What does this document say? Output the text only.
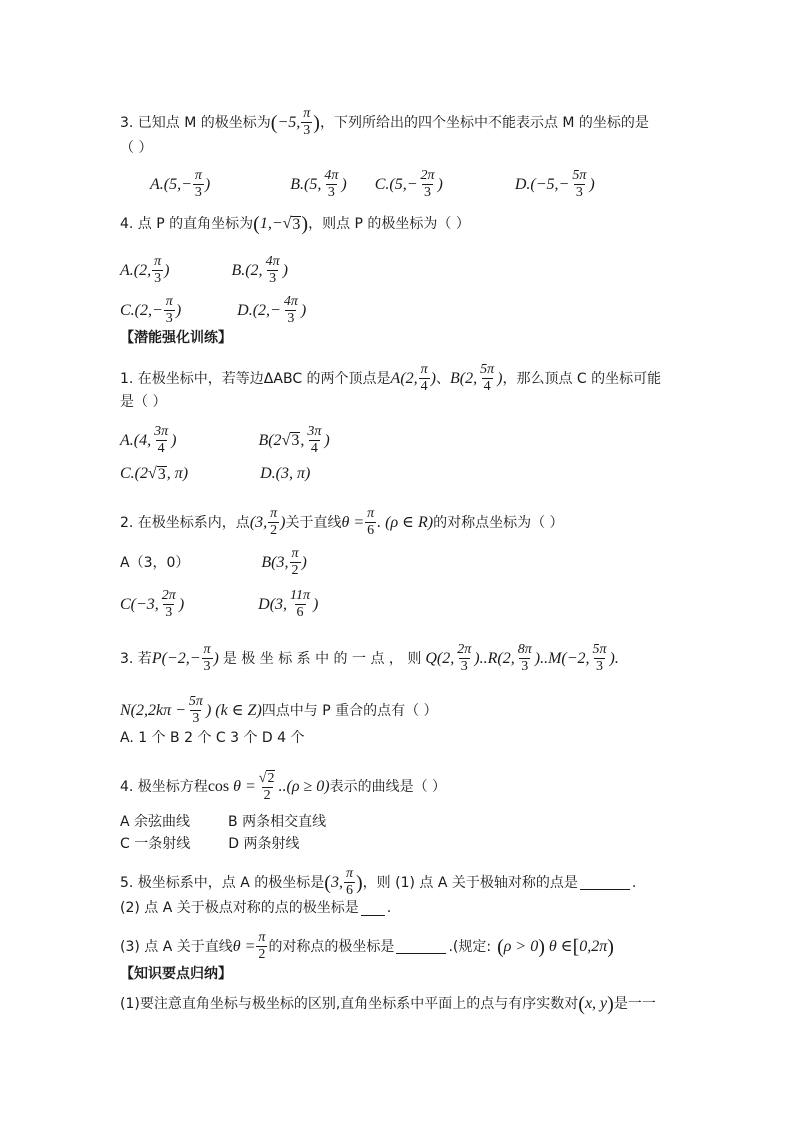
3. 已知点 M 的极坐标为 ( −5, $\frac{\pi}{3}$ ) ，下列所给出的四个坐标中不能表示点 M 的坐标的是
（ ）
$A.(5,- \frac{\pi}{3}$ )	B.(5, $\frac{4\pi}{3}$ ) $C.(5,- \frac{2\pi}{3}$ )	$D.(-5,- \frac{5\pi}{3}$ )
4. 点 P 的直角坐标为 ( 1,− √ 3 ) ，则点 P 的极坐标为（ ）
A.(2, $\frac{\pi}{3}$ )	B.(2, $\frac{4\pi}{3}$ )
$C.(2,- \frac{\pi}{3}$ )	$D.(2,- \frac{4\pi}{3}$ )
【潜能强化训练】
1. 在极坐标中，若等边ΔABC 的两个顶点是 A(2, $\frac{\pi}{4}$ ) 、 B(2, $\frac{5\pi}{4}$ ) ，那么顶点 C 的坐标可能
是（ ）
A.(4, $\frac{3\pi}{4}$ )	B(2 √ 3 , $\frac{3\pi}{4}$ )
C.(2 √ 3 , π)	D.(3, π)
2. 在极坐标系内，点 (3, $\frac{\pi}{2}$ ) 关于直线 $\theta = \frac{\pi}{6}$ . (ρ ∈ R) 的对称点坐标为（ ）
A（3，0）	B(3, $\frac{\pi}{2}$ )
C(−3, $\frac{2\pi}{3}$ )	D(3, $\frac{11\pi}{6}$ )
3. 若 $P(-2,- \frac{\pi}{3}$ ) 是 极 坐 标 系 中 的 一 点 ， 则 Q(2, $\frac{2\pi}{3} )..R(2$, $\frac{8\pi}{3} )..M(-2$, $\frac{5\pi}{3}$ ).
$N(2,2k\pi - \frac{5\pi}{3}$ ) (k ∈ Z) 四点中与 P 重合的点有（ ）
A. 1 个 B 2 个 C 3 个 D 4 个
4. 极坐标方程 $\cos \theta = \frac{√ 2}{2} ..(\rho \ge 0)$ 表示的曲线是（ ）
A 余弦曲线	B 两条相交直线
C 一条射线	D 两条射线
5. 极坐标系中，点 A 的极坐标是 ( 3, $\frac{\pi}{6}$ ) ，则 (1) 点 A 关于极轴对称的点是	.
(2) 点 A 关于极点对称的点的极坐标是 .
(3) 点 A 关于直线 $\theta = \frac{\pi}{2}$ 的对称点的极坐标是	.(规定: ( ρ > 0 ) θ ∈ [ 0,2π )
【知识要点归纳】
(1)要注意直角坐标与极坐标的区别,直角坐标系中平面上的点与有序实数对 ( x, y ) 是一一
